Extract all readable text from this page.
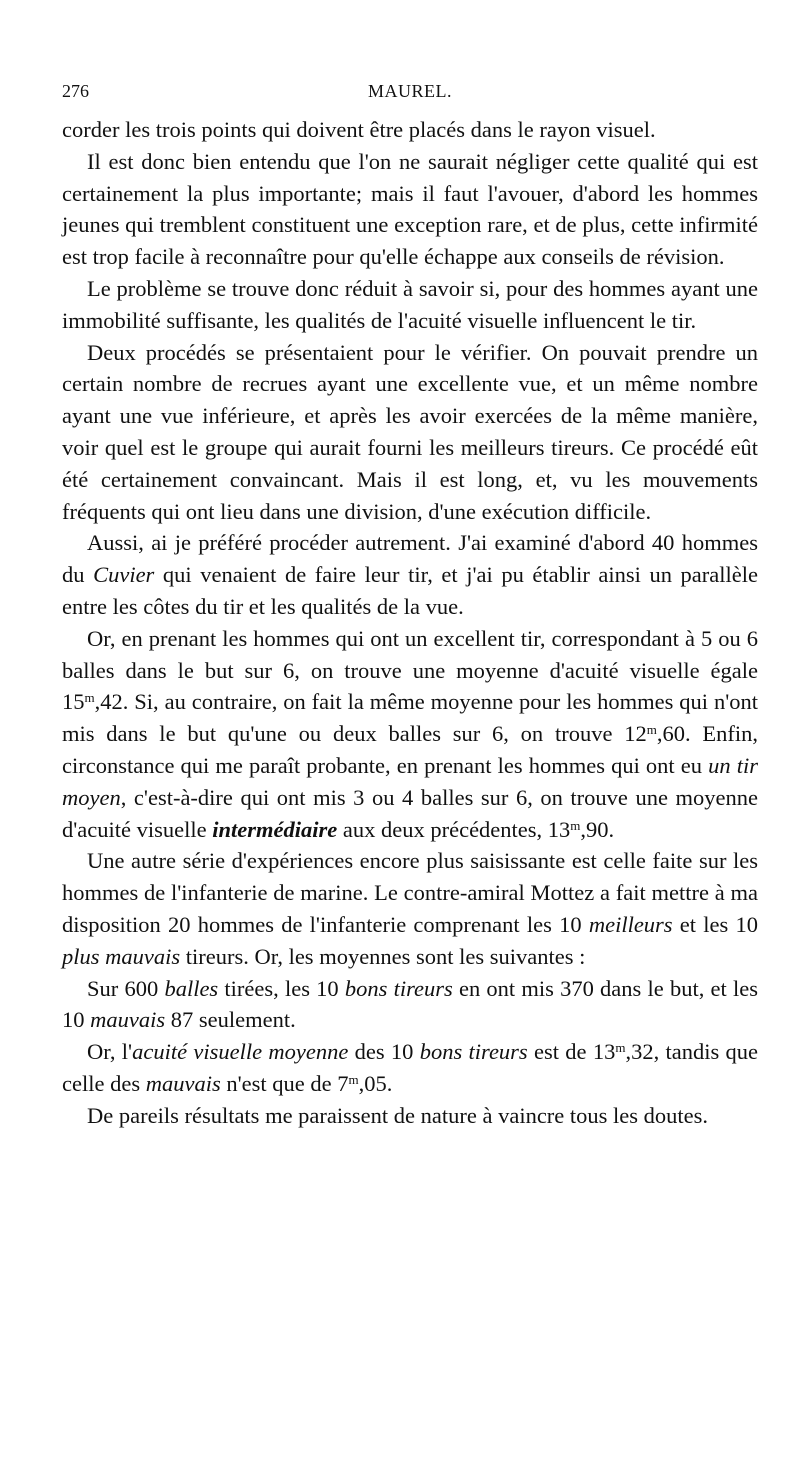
276	MAUREL.

corder les trois points qui doivent être placés dans le rayon visuel.

Il est donc bien entendu que l'on ne saurait négliger cette qualité qui est certainement la plus importante; mais il faut l'avouer, d'abord les hommes jeunes qui tremblent constituent une exception rare, et de plus, cette infirmité est trop facile à reconnaître pour qu'elle échappe aux conseils de révision.

Le problème se trouve donc réduit à savoir si, pour des hommes ayant une immobilité suffisante, les qualités de l'acuité visuelle influencent le tir.

Deux procédés se présentaient pour le vérifier. On pouvait prendre un certain nombre de recrues ayant une excellente vue, et un même nombre ayant une vue inférieure, et après les avoir exercées de la même manière, voir quel est le groupe qui aurait fourni les meilleurs tireurs. Ce procédé eût été certainement convaincant. Mais il est long, et, vu les mouvements fréquents qui ont lieu dans une division, d'une exécution difficile.

Aussi, ai je préféré procéder autrement. J'ai examiné d'abord 40 hommes du Cuvier qui venaient de faire leur tir, et j'ai pu établir ainsi un parallèle entre les côtes du tir et les qualités de la vue.

Or, en prenant les hommes qui ont un excellent tir, correspondant à 5 ou 6 balles dans le but sur 6, on trouve une moyenne d'acuité visuelle égale 15$^m$,42. Si, au contraire, on fait la même moyenne pour les hommes qui n'ont mis dans le but qu'une ou deux balles sur 6, on trouve 12$^m$,60. Enfin, circonstance qui me paraît probante, en prenant les hommes qui ont eu un tir moyen, c'est-à-dire qui ont mis 3 ou 4 balles sur 6, on trouve une moyenne d'acuité visuelle intermédiaire aux deux précédentes, 13$^m$,90.

Une autre série d'expériences encore plus saisissante est celle faite sur les hommes de l'infanterie de marine. Le contre-amiral Mottez a fait mettre à ma disposition 20 hommes de l'infanterie comprenant les 10 meilleurs et les 10 plus mauvais tireurs. Or, les moyennes sont les suivantes :

Sur 600 balles tirées, les 10 bons tireurs en ont mis 370 dans le but, et les 10 mauvais 87 seulement.

Or, l'acuité visuelle moyenne des 10 bons tireurs est de 13$^m$,32, tandis que celle des mauvais n'est que de 7$^m$,05.

De pareils résultats me paraissent de nature à vaincre tous les doutes.
